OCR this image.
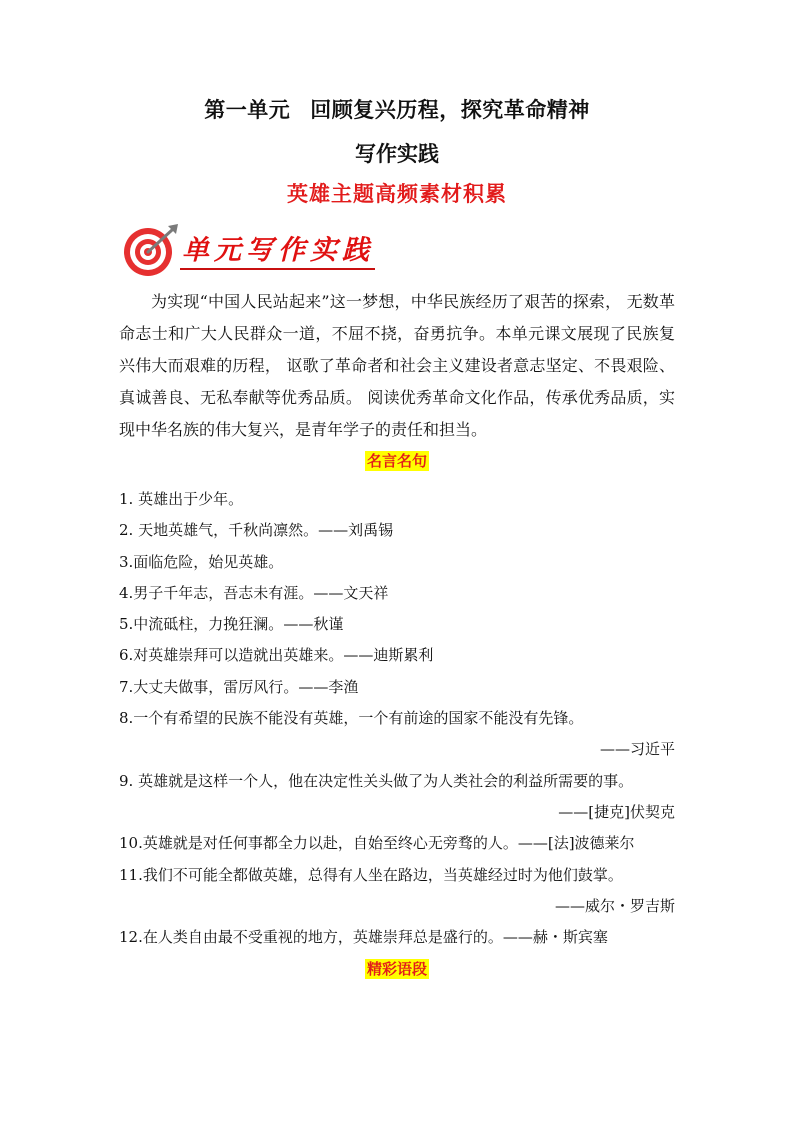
第一单元 回顾复兴历程，探究革命精神
写作实践
英雄主题高频素材积累
单元写作实践

为实现“中国人民站起来”这一梦想，中华民族经历了艰苦的探索， 无数革命志士和广大人民群众一道，不屈不挠，奋勇抗争。本单元课文展现了民族复兴伟大而艰难的历程， 讴歌了革命者和社会主义建设者意志坚定、不畏艰险、真诚善良、无私奉献等优秀品质。 阅读优秀革命文化作品，传承优秀品质，实现中华名族的伟大复兴，是青年学子的责任和担当。

名言名句
1. 英雄出于少年。
2. 天地英雄气，千秋尚凛然。——刘禹锡
3.面临危险，始见英雄。
4.男子千年志，吾志未有涯。——文天祥
5.中流砥柱，力挽狂澜。——秋谨
6.对英雄崇拜可以造就出英雄来。——迪斯累利
7.大丈夫做事，雷厉风行。——李渔
8.一个有希望的民族不能没有英雄，一个有前途的国家不能没有先锋。
——习近平
9. 英雄就是这样一个人，他在决定性关头做了为人类社会的利益所需要的事。
——[捷克]伏契克
10.英雄就是对任何事都全力以赴，自始至终心无旁骛的人。——[法]波德莱尔
11.我们不可能全都做英雄，总得有人坐在路边，当英雄经过时为他们鼓掌。
——威尔・罗吉斯
12.在人类自由最不受重视的地方，英雄崇拜总是盛行的。——赫・斯宾塞
精彩语段
